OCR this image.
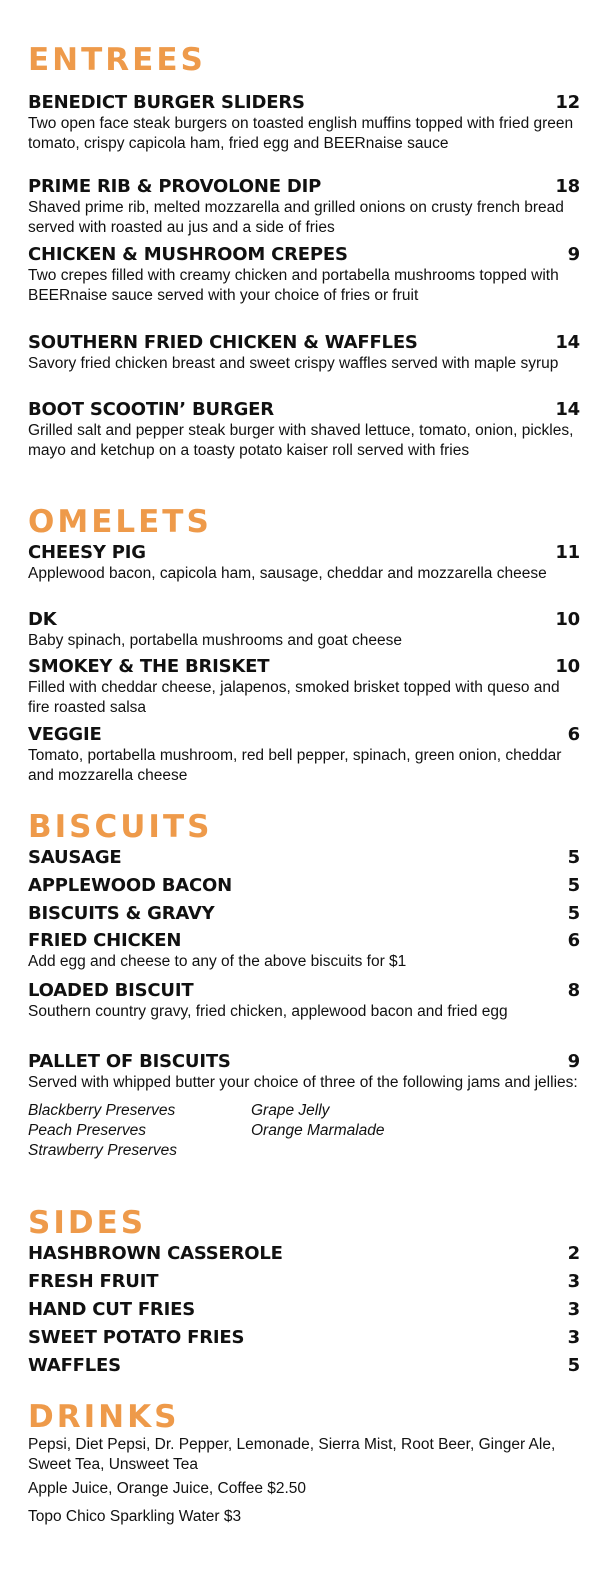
ENTREES
BENEDICT BURGER SLIDERS	12
Two open face steak burgers on toasted english muffins topped with fried green tomato, crispy capicola ham, fried egg and BEERnaise sauce
PRIME RIB & PROVOLONE DIP	18
Shaved prime rib, melted mozzarella and grilled onions on crusty french bread served with roasted au jus and a side of fries
CHICKEN & MUSHROOM CREPES	9
Two crepes filled with creamy chicken and portabella mushrooms topped with BEERnaise sauce served with your choice of fries or fruit
SOUTHERN FRIED CHICKEN & WAFFLES	14
Savory fried chicken breast and sweet crispy waffles served with maple syrup
BOOT SCOOTIN’ BURGER	14
Grilled salt and pepper steak burger with shaved lettuce, tomato, onion, pickles, mayo and ketchup on a toasty potato kaiser roll served with fries
OMELETS
CHEESY PIG	11
Applewood bacon, capicola ham, sausage, cheddar and mozzarella cheese
DK	10
Baby spinach, portabella mushrooms and goat cheese
SMOKEY & THE BRISKET	10
Filled with cheddar cheese, jalapenos, smoked brisket topped with queso and fire roasted salsa
VEGGIE	6
Tomato, portabella mushroom, red bell pepper, spinach, green onion, cheddar and mozzarella cheese
BISCUITS
SAUSAGE	5
APPLEWOOD BACON	5
BISCUITS & GRAVY	5
FRIED CHICKEN	6
Add egg and cheese to any of the above biscuits for $1
LOADED BISCUIT	8
Southern country gravy, fried chicken, applewood bacon and fried egg
PALLET OF BISCUITS	9
Served with whipped butter your choice of three of the following jams and jellies:
Blackberry Preserves	Grape Jelly
Peach Preserves	Orange Marmalade
Strawberry Preserves
SIDES
HASHBROWN CASSEROLE	2
FRESH FRUIT	3
HAND CUT FRIES	3
SWEET POTATO FRIES	3
WAFFLES	5
DRINKS
Pepsi, Diet Pepsi, Dr. Pepper, Lemonade, Sierra Mist, Root Beer, Ginger Ale, Sweet Tea, Unsweet Tea
Apple Juice, Orange Juice, Coffee $2.50
Topo Chico Sparkling Water $3
